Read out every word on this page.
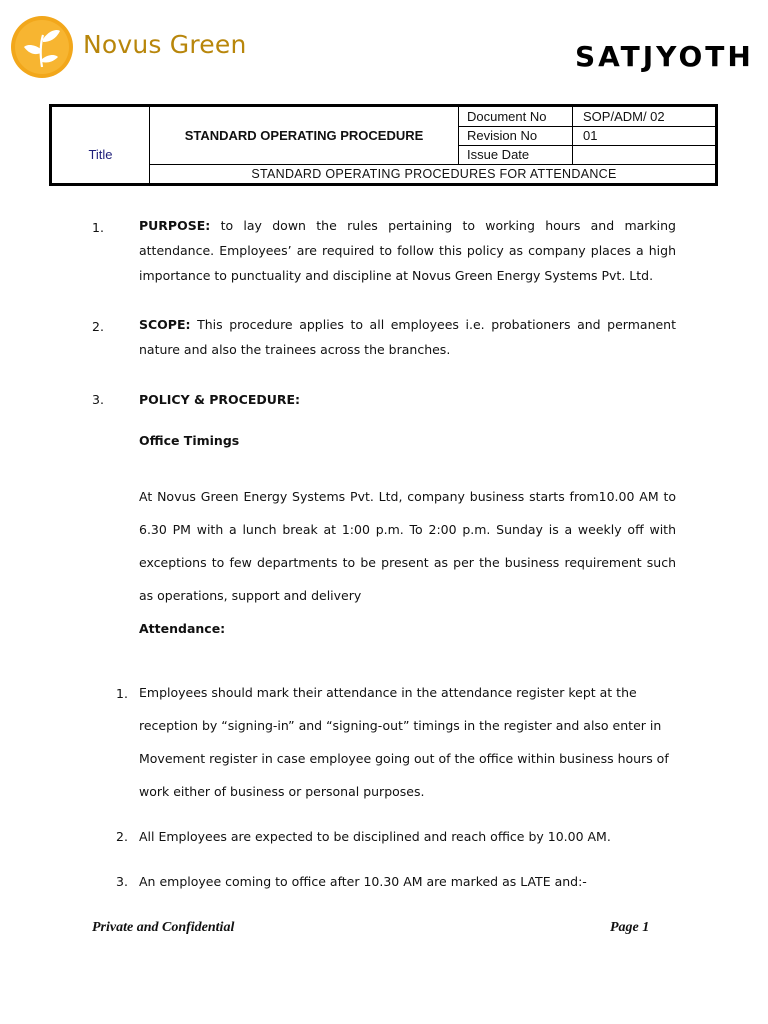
Novus Green	SATJYOTH
Title
STANDARD OPERATING PROCEDURE
Document No	SOP/ADM/ 02
Revision No	01
Issue Date
STANDARD OPERATING PROCEDURES FOR ATTENDANCE
1.	PURPOSE: to lay down the rules pertaining to working hours and marking attendance. Employees’ are required to follow this policy as company places a high importance to punctuality and discipline at Novus Green Energy Systems Pvt. Ltd.
2.	SCOPE: This procedure applies to all employees i.e. probationers and permanent nature and also the trainees across the branches.
3.	POLICY & PROCEDURE:
Office Timings
At Novus Green Energy Systems Pvt. Ltd, company business starts from10.00 AM to 6.30 PM with a lunch break at 1:00 p.m. To 2:00 p.m. Sunday is a weekly off with exceptions to few departments to be present as per the business requirement such as operations, support and delivery
Attendance:
1. Employees should mark their attendance in the attendance register kept at the reception by “signing-in” and “signing-out” timings in the register and also enter in Movement register in case employee going out of the office within business hours of work either of business or personal purposes.
2. All Employees are expected to be disciplined and reach office by 10.00 AM.
3. An employee coming to office after 10.30 AM are marked as LATE and:-
Private and Confidential	Page 1
